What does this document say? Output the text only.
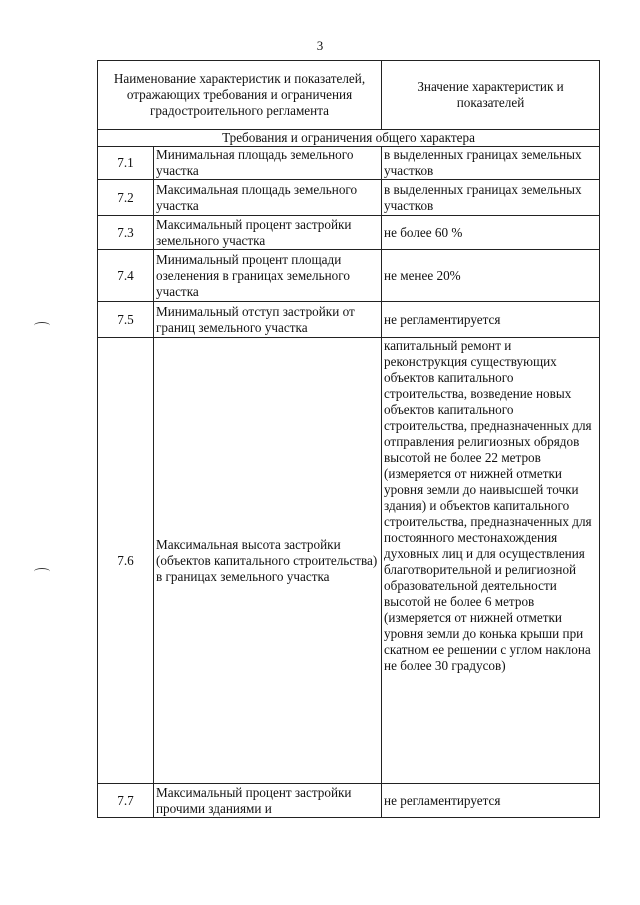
3
Наименование характеристик и показателей, отражающих требования и ограничения градостроительного регламента		Значение характеристик и показателей
Требования и ограничения общего характера		
7.1	Минимальная площадь земельного участка	в выделенных границах земельных участков
7.2	Максимальная площадь земельного участка	в выделенных границах земельных участков
7.3	Максимальный процент застройки земельного участка	не более 60 %
7.4	Минимальный процент площади озеленения в границах земельного участка	не менее 20%
7.5	Минимальный отступ застройки от границ земельного участка	не регламентируется
7.6	Максимальная высота застройки (объектов капитального строительства) в границах земельного участка	капитальный ремонт и реконструкция существующих объектов капитального строительства, возведение новых объектов капитального строительства, предназначенных для отправления религиозных обрядов высотой не более 22 метров (измеряется от нижней отметки уровня земли до наивысшей точки здания) и объектов капитального строительства, предназначенных для постоянного местонахождения духовных лиц и для осуществления благотворительной и религиозной образовательной деятельности высотой не более 6 метров (измеряется от нижней отметки уровня земли до конька крыши при скатном ее решении с углом наклона не более 30 градусов)
7.7	Максимальный процент застройки прочими зданиями и	не регламентируется
